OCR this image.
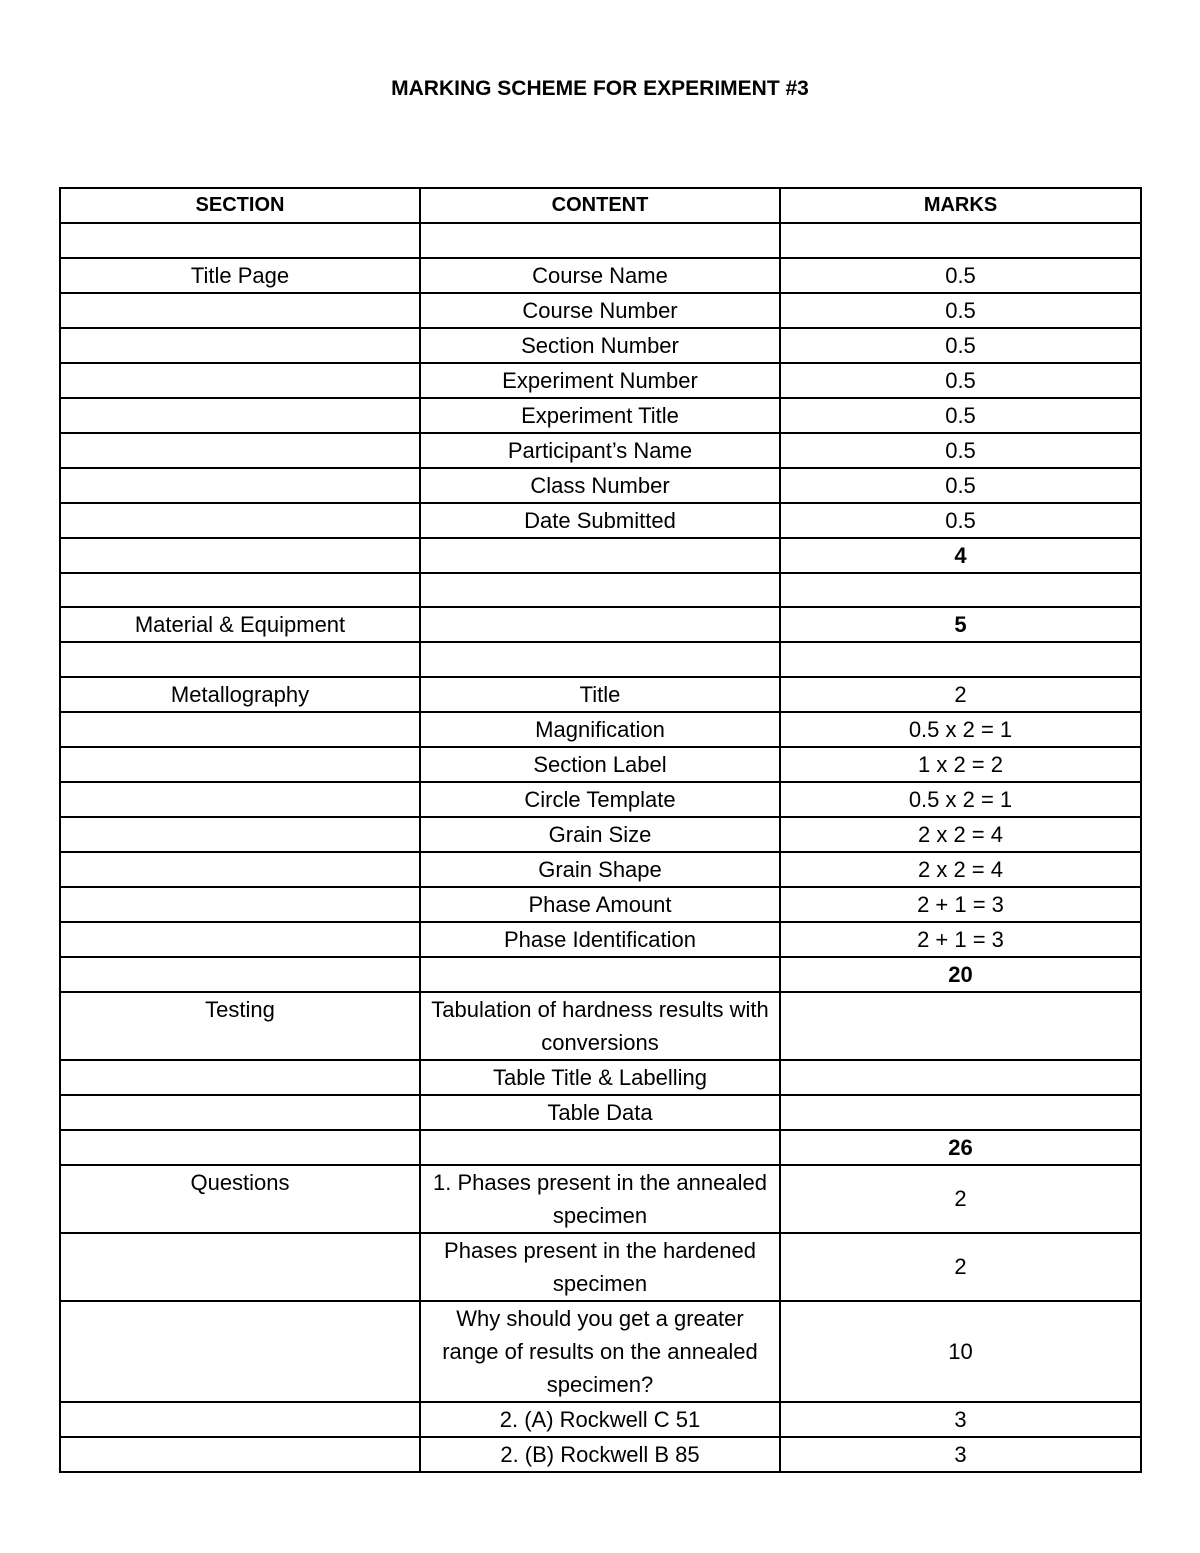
MARKING SCHEME FOR EXPERIMENT #3
SECTION	CONTENT	MARKS

Title Page	Course Name	0.5
	Course Number	0.5
	Section Number	0.5
	Experiment Number	0.5
	Experiment Title	0.5
	Participant’s Name	0.5
	Class Number	0.5
	Date Submitted	0.5
		4

Material & Equipment		5

Metallography	Title	2
	Magnification	0.5 x 2 = 1
	Section Label	1 x 2 = 2
	Circle Template	0.5 x 2 = 1
	Grain Size	2 x 2 = 4
	Grain Shape	2 x 2 = 4
	Phase Amount	2 + 1 = 3
	Phase Identification	2 + 1 = 3
		20
Testing	Tabulation of hardness results with conversions	
	Table Title & Labelling	
	Table Data	
		26
Questions	1. Phases present in the annealed specimen	2
	Phases present in the hardened specimen	2
	Why should you get a greater range of results on the annealed specimen?	10
	2. (A) Rockwell C 51	3
	2. (B) Rockwell B 85	3
